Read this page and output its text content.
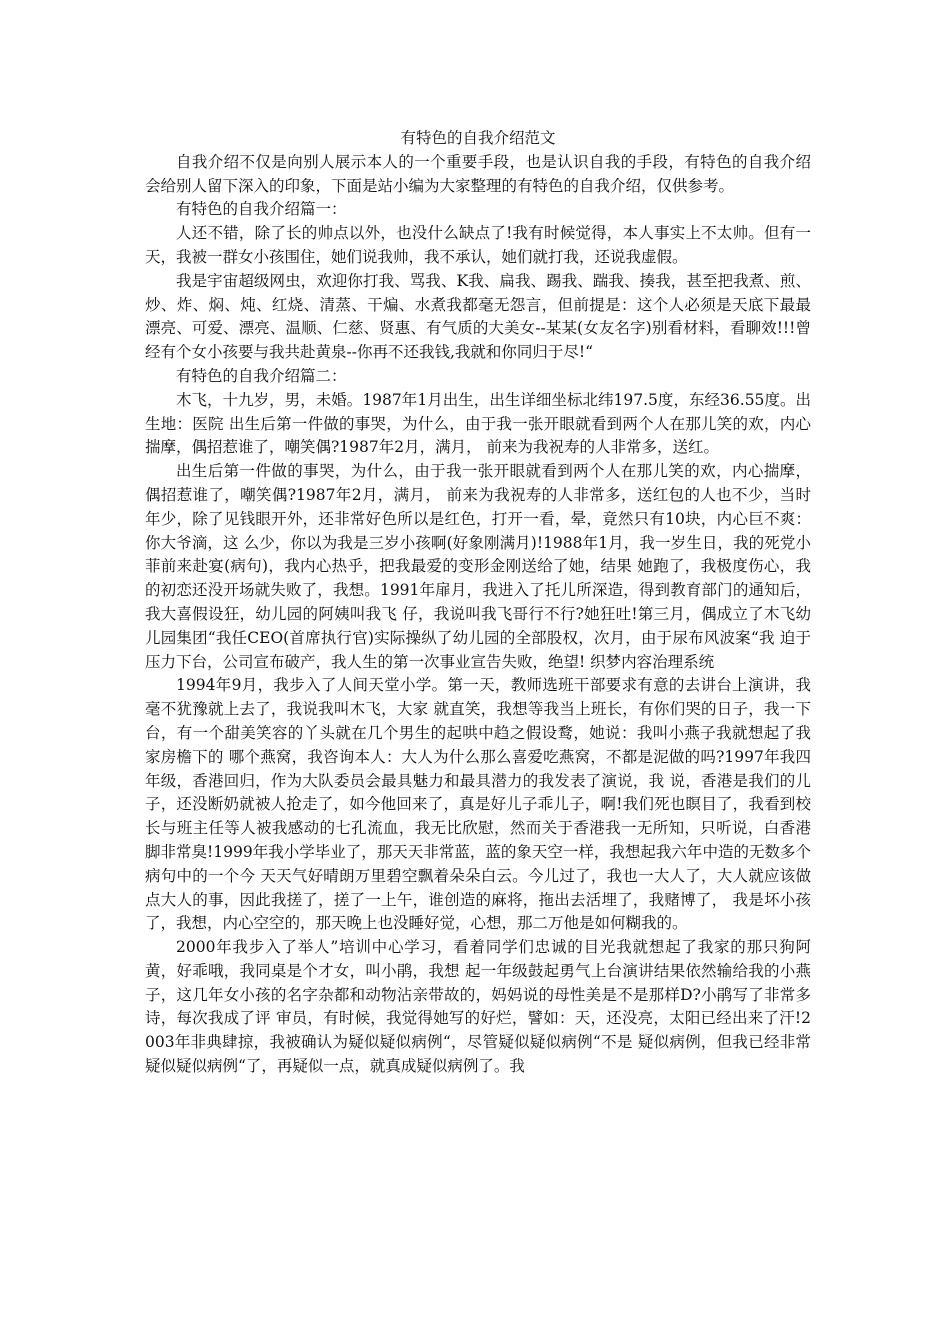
有特色的自我介绍范文

自我介绍不仅是向别人展示本人的一个重要手段，也是认识自我的手段，有特色的自我介绍会给别人留下深入的印象，下面是站小编为大家整理的有特色的自我介绍，仅供参考。

有特色的自我介绍篇一：

人还不错，除了长的帅点以外，也没什么缺点了!我有时候觉得，本人事实上不太帅。但有一天，我被一群女小孩围住，她们说我帅，我不承认，她们就打我，还说我虚假。

我是宇宙超级网虫，欢迎你打我、骂我、K我、扁我、踢我、踹我、揍我，甚至把我煮、煎、炒、炸、焖、炖、红烧、清蒸、干煸、水煮我都毫无怨言，但前提是：这个人必须是天底下最最漂亮、可爱、漂亮、温顺、仁慈、贤惠、有气质的大美女--某某(女友名字)别看材料，看聊效!!!曾经有个女小孩要与我共赴黄泉--你再不还我钱,我就和你同归于尽!“

有特色的自我介绍篇二：

木飞，十九岁，男，未婚。1987年1月出生，出生详细坐标北纬197.5度，东经36.55度。出生地：医院 出生后第一件做的事哭，为什么，由于我一张开眼就看到两个人在那儿笑的欢，内心揣摩，偶招惹谁了，嘲笑偶?1987年2月，满月， 前来为我祝寿的人非常多，送红。

出生后第一件做的事哭，为什么，由于我一张开眼就看到两个人在那儿笑的欢，内心揣摩，偶招惹谁了，嘲笑偶?1987年2月，满月， 前来为我祝寿的人非常多，送红包的人也不少，当时年少，除了见钱眼开外，还非常好色所以是红色，打开一看，晕，竟然只有10块，内心巨不爽：你大爷滴，这 么少，你以为我是三岁小孩啊(好象刚满月)!1988年1月，我一岁生日，我的死党小菲前来赴宴(病句)，我内心热乎，把我最爱的变形金刚送给了她，结果 她跑了，我极度伤心，我的初恋还没开场就失败了，我想。1991年扉月，我进入了托儿所深造，得到教育部门的通知后，我大喜假设狂，幼儿园的阿姨叫我飞 仔，我说叫我飞哥行不行?她狂吐!第三月，偶成立了木飞幼儿园集团“我任CEO(首席执行官)实际操纵了幼儿园的全部股权，次月，由于尿布风波案“我 迫于压力下台，公司宣布破产，我人生的第一次事业宣告失败，绝望! 织梦内容治理系统

1994年9月，我步入了人间天堂小学。第一天，教师选班干部要求有意的去讲台上演讲，我毫不犹豫就上去了，我说我叫木飞，大家 就直笑，我想等我当上班长，有你们哭的日子，我一下台，有一个甜美笑容的丫头就在几个男生的起哄中趋之假设鹜，她说：我叫小燕子我就想起了我家房檐下的 哪个燕窝，我咨询本人：大人为什么那么喜爱吃燕窝，不都是泥做的吗?1997年我四年级，香港回归，作为大队委员会最具魅力和最具潜力的我发表了演说，我 说，香港是我们的儿子，还没断奶就被人抢走了，如今他回来了，真是好儿子乖儿子，啊!我们死也瞑目了，我看到校长与班主任等人被我感动的七孔流血，我无比欣慰，然而关于香港我一无所知，只听说，白香港脚非常臭!1999年我小学毕业了，那天天非常蓝，蓝的象天空一样，我想起我六年中造的无数多个病句中的一个今 天天气好晴朗万里碧空飘着朵朵白云。今儿过了，我也一大人了，大人就应该做点大人的事，因此我搓了，搓了一上午，谁创造的麻将，拖出去活埋了，我赌博了， 我是坏小孩了，我想，内心空空的，那天晚上也没睡好觉，心想，那二万他是如何糊我的。

2000年我步入了举人”培训中心学习，看着同学们忠诚的目光我就想起了我家的那只狗阿黄，好乖哦，我同桌是个才女，叫小鹃，我想 起一年级鼓起勇气上台演讲结果依然输给我的小燕子，这几年女小孩的名字杂都和动物沾亲带故的，妈妈说的母性美是不是那样D?小鹃写了非常多诗，每次我成了评 审员，有时候，我觉得她写的好烂，譬如：天，还没亮，太阳已经出来了汗!2003年非典肆掠，我被确认为疑似疑似病例“，尽管疑似疑似病例“不是 疑似病例，但我已经非常疑似疑似病例“了，再疑似一点，就真成疑似病例了。我
